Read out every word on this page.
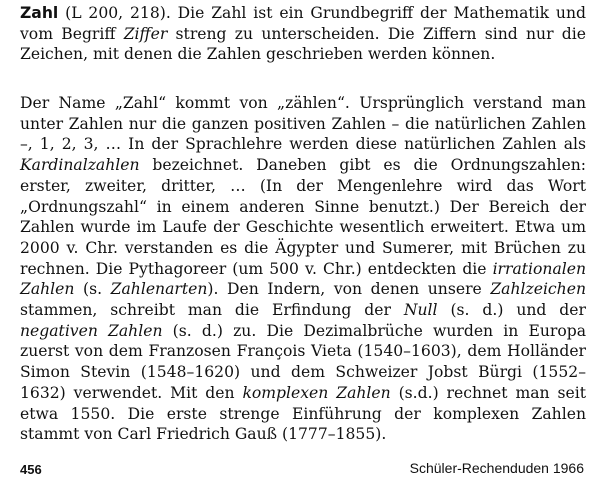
Zahl (L 200, 218). Die Zahl ist ein Grundbegriff der Mathematik und vom Begriff Ziffer streng zu unterscheiden. Die Ziffern sind nur die Zeichen, mit denen die Zahlen geschrieben werden können.

Der Name „Zahl“ kommt von „zählen“. Ursprünglich verstand man unter Zahlen nur die ganzen positiven Zahlen – die natürlichen Zahlen –, 1, 2, 3, … In der Sprachlehre werden diese natürlichen Zahlen als Kardinalzahlen bezeichnet. Daneben gibt es die Ordnungszahlen: erster, zweiter, dritter, … (In der Mengenlehre wird das Wort „Ordnungszahl“ in einem anderen Sinne benutzt.) Der Bereich der Zahlen wurde im Laufe der Geschichte wesentlich erweitert. Etwa um 2000 v. Chr. verstanden es die Ägypter und Sumerer, mit Brüchen zu rechnen. Die Pythagoreer (um 500 v. Chr.) entdeckten die irrationalen Zahlen (s. Zahlenarten). Den Indern, von denen unsere Zahlzeichen stammen, schreibt man die Erfindung der Null (s. d.) und der negativen Zahlen (s. d.) zu. Die Dezimalbrüche wurden in Europa zuerst von dem Franzosen François Vieta (1540–1603), dem Holländer Simon Stevin (1548–1620) und dem Schweizer Jobst Bürgi (1552–1632) verwendet. Mit den komplexen Zahlen (s.d.) rechnet man seit etwa 1550. Die erste strenge Einführung der komplexen Zahlen stammt von Carl Friedrich Gauß (1777–1855).

456	Schüler-Rechenduden 1966
